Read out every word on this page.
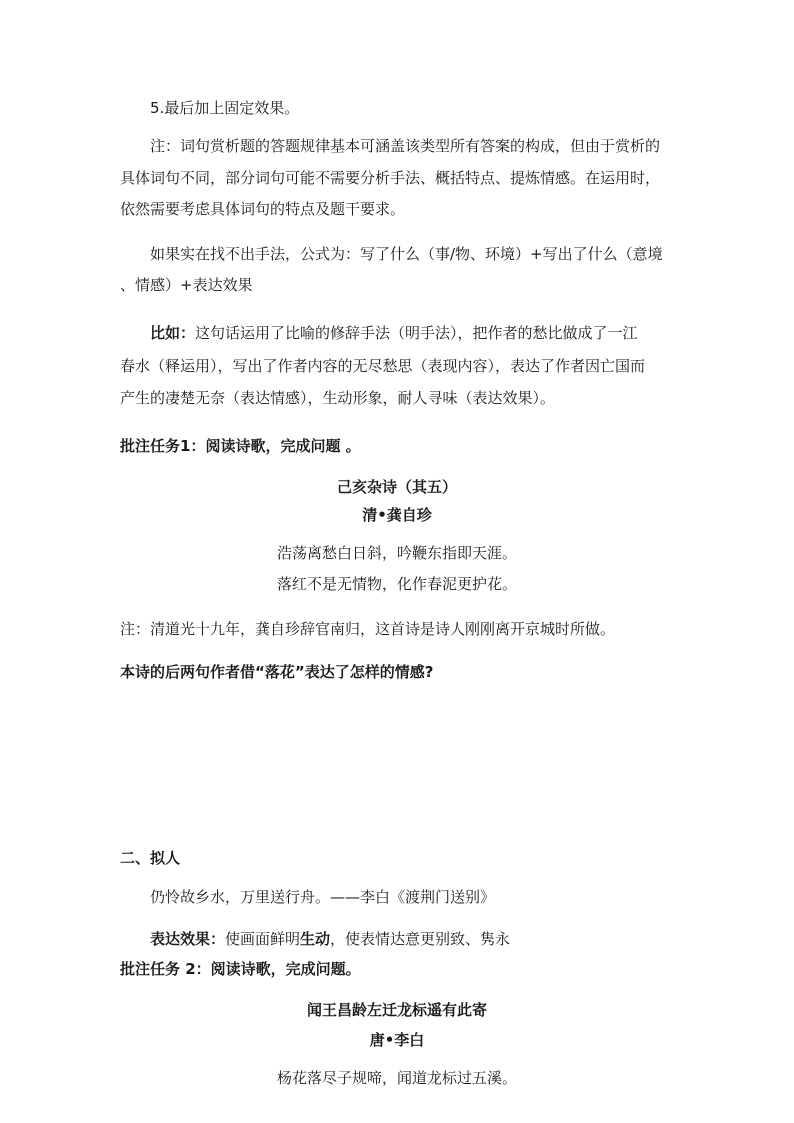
5.最后加上固定效果。
注：词句赏析题的答题规律基本可涵盖该类型所有答案的构成，但由于赏析的
具体词句不同，部分词句可能不需要分析手法、概括特点、提炼情感。在运用时，
依然需要考虑具体词句的特点及题干要求。
如果实在找不出手法，公式为：写了什么（事/物、环境）+写出了什么（意境
、情感）+表达效果
比如：这句话运用了比喻的修辞手法（明手法），把作者的愁比做成了一江
春水（释运用），写出了作者内容的无尽愁思（表现内容），表达了作者因亡国而
产生的凄楚无奈（表达情感），生动形象，耐人寻味（表达效果）。
批注任务1：阅读诗歌，完成问题 。
己亥杂诗（其五）
清•龚自珍
浩荡离愁白日斜，吟鞭东指即天涯。
落红不是无情物，化作春泥更护花。
注：清道光十九年，龚自珍辞官南归，这首诗是诗人刚刚离开京城时所做。
本诗的后两句作者借“落花”表达了怎样的情感?
二、拟人
仍怜故乡水，万里送行舟。——李白《渡荆门送别》
表达效果：使画面鲜明生动，使表情达意更别致、隽永
批注任务 2：阅读诗歌，完成问题。
闻王昌龄左迁龙标遥有此寄
唐•李白
杨花落尽子规啼，闻道龙标过五溪。
